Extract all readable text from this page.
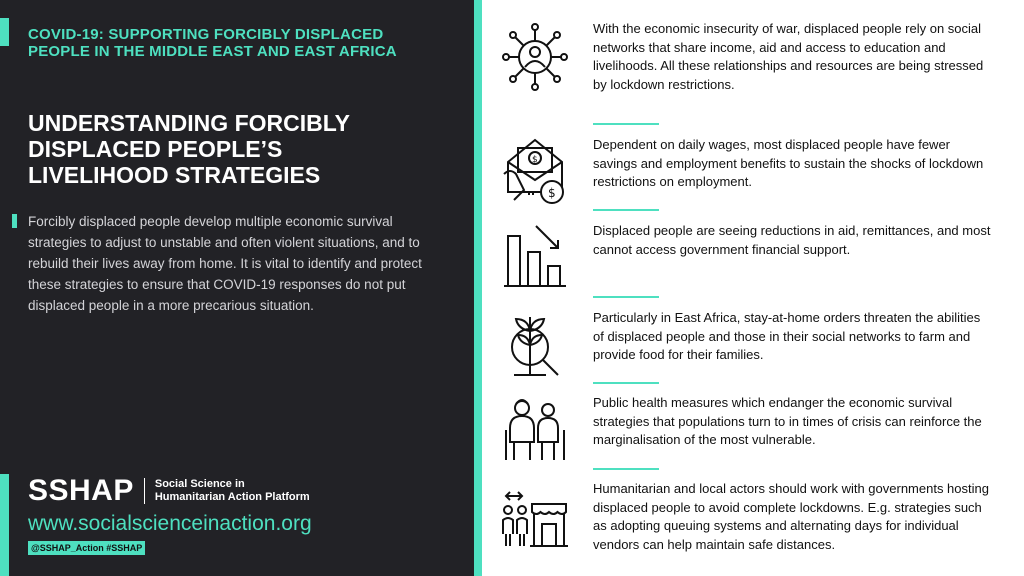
COVID-19: SUPPORTING FORCIBLY DISPLACED PEOPLE IN THE MIDDLE EAST AND EAST AFRICA
UNDERSTANDING FORCIBLY DISPLACED PEOPLE’S LIVELIHOOD STRATEGIES

Forcibly displaced people develop multiple economic survival strategies to adjust to unstable and often violent situations, and to rebuild their lives away from home. It is vital to identify and protect these strategies to ensure that COVID-19 responses do not put displaced people in a more precarious situation.

SSHAP Social Science in
Humanitarian Action Platform
www.socialscienceinaction.org
@SSHAP_Action #SSHAP
With the economic insecurity of war, displaced people rely on social networks that share income, aid and access to education and livelihoods. All these relationships and resources are being stressed by lockdown restrictions.
$
$
Dependent on daily wages, most displaced people have fewer savings and employment benefits to sustain the shocks of lockdown restrictions on employment.
Displaced people are seeing reductions in aid, remittances, and most cannot access government financial support.
Particularly in East Africa, stay-at-home orders threaten the abilities of displaced people and those in their social networks to farm and provide food for their families.
Public health measures which endanger the economic survival strategies that populations turn to in times of crisis can reinforce the marginalisation of the most vulnerable.
Humanitarian and local actors should work with governments hosting displaced people to avoid complete lockdowns. E.g. strategies such as adopting queuing systems and alternating days for individual vendors can help maintain safe distances.
